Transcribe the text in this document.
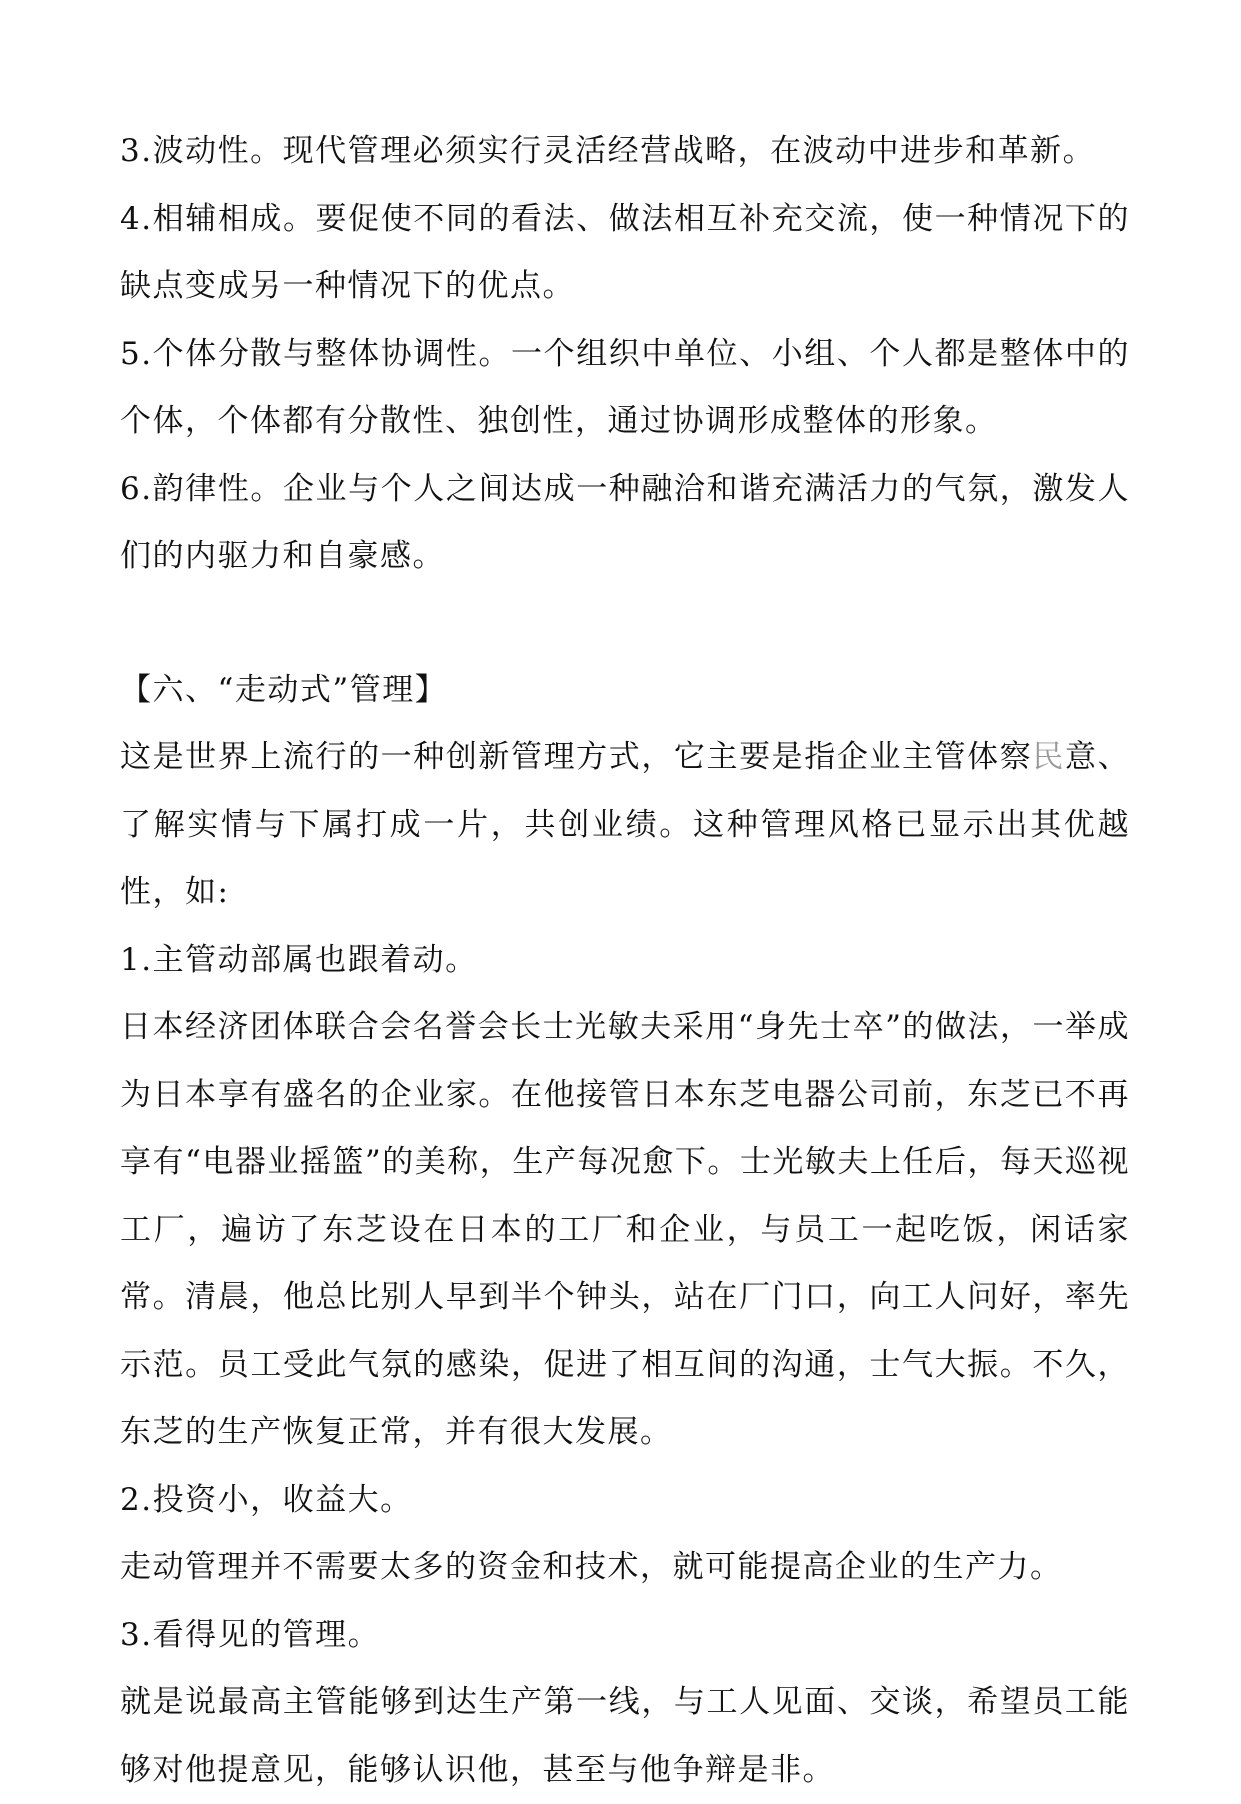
3.波动性。现代管理必须实行灵活经营战略，在波动中进步和革新。

4.相辅相成。要促使不同的看法、做法相互补充交流，使一种情况下的缺点变成另一种情况下的优点。

5.个体分散与整体协调性。一个组织中单位、小组、个人都是整体中的个体，个体都有分散性、独创性，通过协调形成整体的形象。

6.韵律性。企业与个人之间达成一种融洽和谐充满活力的气氛，激发人们的内驱力和自豪感。

【六、“走动式”管理】

这是世界上流行的一种创新管理方式，它主要是指企业主管体察民意、了解实情与下属打成一片，共创业绩。这种管理风格已显示出其优越性，如:

1.主管动部属也跟着动。

日本经济团体联合会名誉会长士光敏夫采用“身先士卒”的做法，一举成为日本享有盛名的企业家。在他接管日本东芝电器公司前，东芝已不再享有“电器业摇篮”的美称，生产每况愈下。士光敏夫上任后，每天巡视工厂，遍访了东芝设在日本的工厂和企业，与员工一起吃饭，闲话家常。清晨，他总比别人早到半个钟头，站在厂门口，向工人问好，率先示范。员工受此气氛的感染，促进了相互间的沟通，士气大振。不久，东芝的生产恢复正常，并有很大发展。

2.投资小，收益大。

走动管理并不需要太多的资金和技术，就可能提高企业的生产力。

3.看得见的管理。

就是说最高主管能够到达生产第一线，与工人见面、交谈，希望员工能够对他提意见，能够认识他，甚至与他争辩是非。
